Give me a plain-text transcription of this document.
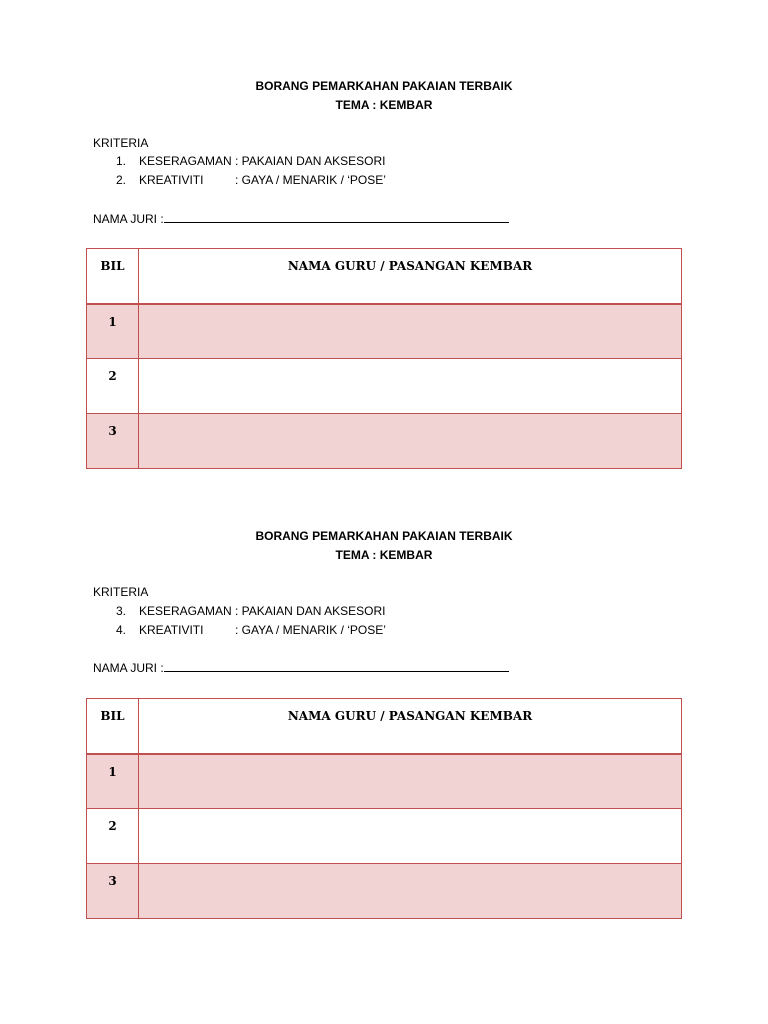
BORANG PEMARKAHAN PAKAIAN TERBAIK
TEMA : KEMBAR
KRITERIA
1. KESERAGAMAN : PAKAIAN DAN AKSESORI
2. KREATIVITI	: GAYA / MENARIK / ‘POSE’
NAMA JURI :
BIL	NAMA GURU / PASANGAN KEMBAR
1	
2	
3	
BORANG PEMARKAHAN PAKAIAN TERBAIK
TEMA : KEMBAR
KRITERIA
3. KESERAGAMAN : PAKAIAN DAN AKSESORI
4. KREATIVITI	: GAYA / MENARIK / ‘POSE’
NAMA JURI :
BIL	NAMA GURU / PASANGAN KEMBAR
1	
2	
3	
